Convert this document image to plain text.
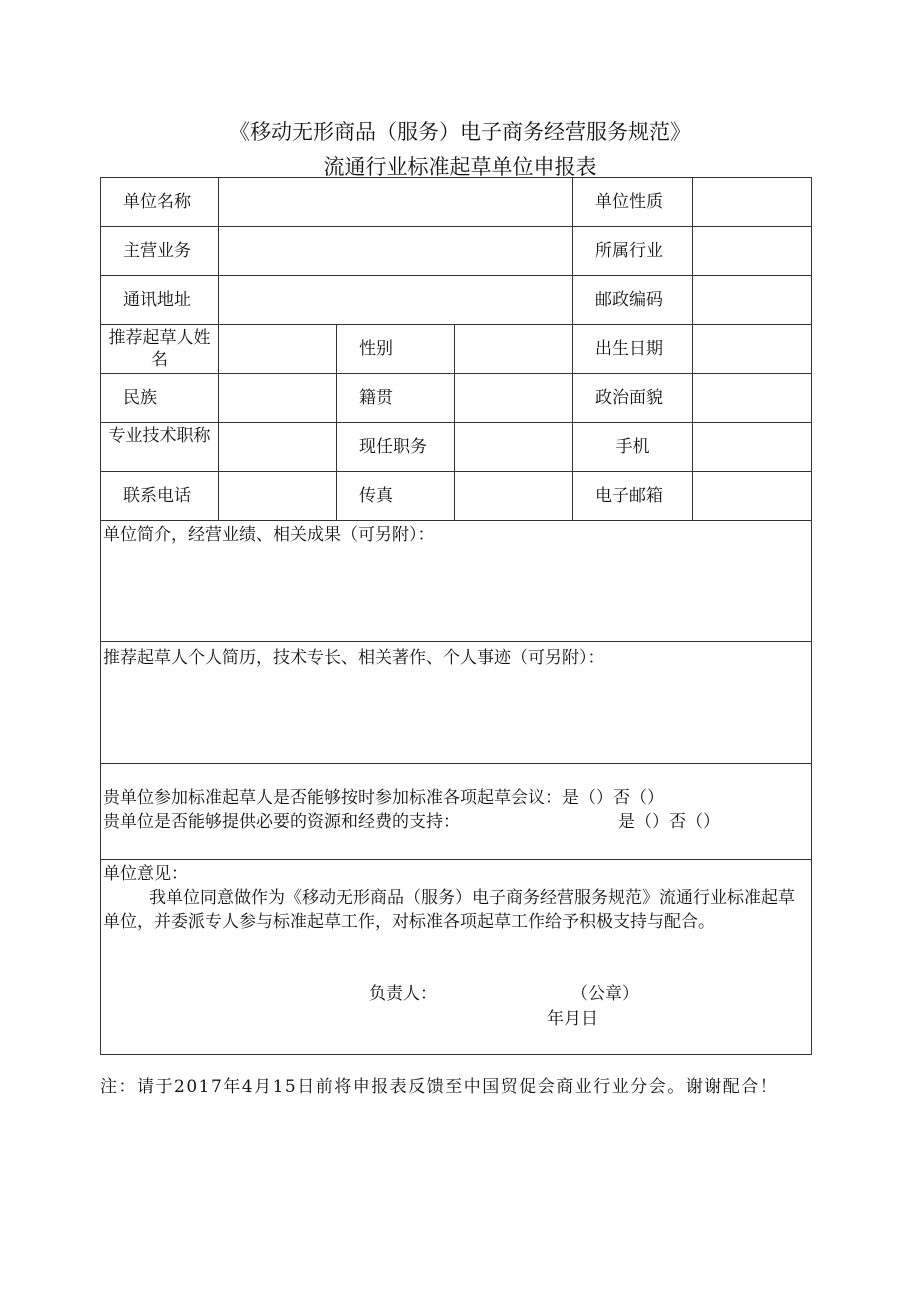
《移动无形商品（服务）电子商务经营服务规范》
流通行业标准起草单位申报表
单位名称				单位性质	
主营业务				所属行业	
通讯地址				邮政编码	
推荐起草人姓名		性别		出生日期	
民族		籍贯		政治面貌	
专业技术职称		现任职务		手机	
联系电话		传真		电子邮箱	

单位简介，经营业绩、相关成果（可另附）：					

推荐起草人个人简历，技术专长、相关著作、个人事迹（可另附）：					

贵单位参加标准起草人是否能够按时参加标准各项起草会议：是（）否（）
贵单位是否能够提供必要的资源和经费的支持： 是（）否（）					

单位意见：
我单位同意做作为《移动无形商品（服务）电子商务经营服务规范》流通行业标准起草单位，并委派专人参与标准起草工作，对标准各项起草工作给予积极支持与配合。
负责人： （公章）
年月日					
注：请于2017年4月15日前将申报表反馈至中国贸促会商业行业分会。谢谢配合！
